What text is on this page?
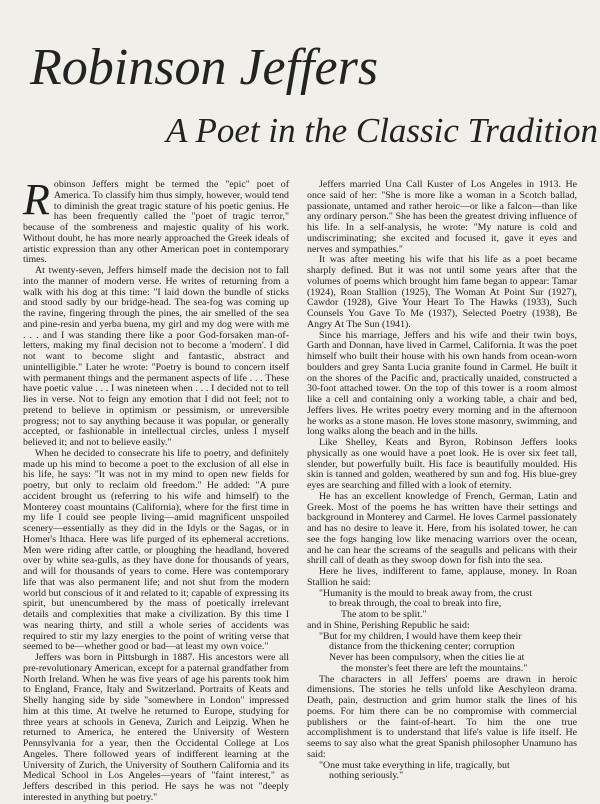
Robinson Jeffers
A Poet in the Classic Tradition

Robinson Jeffers might be termed the "epic" poet of America. To classify him thus simply, however, would tend to diminish the great tragic stature of his poetic genius. He has been frequently called the "poet of tragic terror," because of the sombreness and majestic quality of his work. Without doubt, he has more nearly approached the Greek ideals of artistic expression than any other American poet in contemporary times.

At twenty-seven, Jeffers himself made the decision not to fall into the manner of modern verse. He writes of returning from a walk with his dog at this time: "I laid down the bundle of sticks and stood sadly by our bridge-head. The sea-fog was coming up the ravine, fingering through the pines, the air smelled of the sea and pine-resin and yerba buena, my girl and my dog were with me . . . and I was standing there like a poor God-forsaken man-of-letters, making my final decision not to become a 'modern'. I did not want to become slight and fantastic, abstract and unintelligible." Later he wrote: "Poetry is bound to concern itself with permanent things and the permanent aspects of life . . . These have poetic value . . . I was nineteen when . . . I decided not to tell lies in verse. Not to feign any emotion that I did not feel; not to pretend to believe in optimism or pessimism, or unreversible progress; not to say anything because it was popular, or generally accepted, or fashionable in intellectual circles, unless I myself believed it; and not to believe easily."

When he decided to consecrate his life to poetry, and definitely made up his mind to become a poet to the exclusion of all else in his life, he says: "It was not in my mind to open new fields for poetry, but only to reclaim old freedom." He added: "A pure accident brought us (referring to his wife and himself) to the Monterey coast mountains (California), where for the first time in my life I could see people living—amid magnificent unspoiled scenery—essentially as they did in the Idyls or the Sagas, or in Homer's Ithaca. Here was life purged of its ephemeral accretions. Men were riding after cattle, or ploughing the headland, hovered over by white sea-gulls, as they have done for thousands of years, and will for thousands of years to come. Here was contemporary life that was also permanent life; and not shut from the modern world but conscious of it and related to it; capable of expressing its spirit, but unencumbered by the mass of poetically irrelevant details and complexities that make a civilization. By this time I was nearing thirty, and still a whole series of accidents was required to stir my lazy energies to the point of writing verse that seemed to be—whether good or bad—at least my own voice."

Jeffers was born in Pittsburgh in 1887. His ancestors were all pre-revolutionary American, except for a paternal grandfather from North Ireland. When he was five years of age his parents took him to England, France, Italy and Switzerland. Portraits of Keats and Shelly hanging side by side "somewhere in London" impressed him at this time. At twelve he returned to Europe, studying for three years at schools in Geneva, Zurich and Leipzig. When he returned to America, he entered the University of Western Pennsylvania for a year, then the Occidental College at Los Angeles. There followed years of indifferent learning at the University of Zurich, the University of Southern California and its Medical School in Los Angeles—years of "faint interest," as Jeffers described in this period. He says he was not "deeply interested in anything but poetry."

Jeffers married Una Call Kuster of Los Angeles in 1913. He once said of her: "She is more like a woman in a Scotch ballad, passionate, untamed and rather heroic—or like a falcon—than like any ordinary person." She has been the greatest driving influence of his life. In a self-analysis, he wrote: "My nature is cold and undiscriminating; she excited and focused it, gave it eyes and nerves and sympathies."

It was after meeting his wife that his life as a poet became sharply defined. But it was not until some years after that the volumes of poems which brought him fame began to appear: Tamar (1924), Roan Stallion (1925), The Woman At Point Sur (1927), Cawdor (1928), Give Your Heart To The Hawks (1933), Such Counsels You Gave To Me (1937), Selected Poetry (1938), Be Angry At The Sun (1941).

Since his marriage, Jeffers and his wife and their twin boys, Garth and Donnan, have lived in Carmel, California. It was the poet himself who built their house with his own hands from ocean-worn boulders and grey Santa Lucia granite found in Carmel. He built it on the shores of the Pacific and, practically unaided, constructed a 30-foot attached tower. On the top of this tower is a room almost like a cell and containing only a working table, a chair and bed, Jeffers lives. He writes poetry every morning and in the afternoon he works as a stone mason. He loves stone masonry, swimming, and long walks along the beach and in the hills.

Like Shelley, Keats and Byron, Robinson Jeffers looks physically as one would have a poet look. He is over six feet tall, slender, but powerfully built. His face is beautifully moulded. His skin is tanned and golden, weathered by sun and fog. His blue-grey eyes are searching and filled with a look of eternity.

He has an excellent knowledge of French, German, Latin and Greek. Most of the poems he has written have their settings and background in Monterey and Carmel. He loves Carmel passionately and has no desire to leave it. Here, from his isolated tower, he can see the fogs hanging low like menacing warriors over the ocean, and he can hear the screams of the seagulls and pelicans with their shrill call of death as they swoop down for fish into the sea.

Here he lives, indifferent to fame, applause, money. In Roan Stallion he said:

"Humanity is the mould to break away from, the crust

to break through, the coal to break into fire,

The atom to be split."

and in Shine, Perishing Republic he said:

"But for my children, I would have them keep their

distance from the thickening center; corruption

Never has been compulsory, when the cities lie at

the monster's feet there are left the mountains."

The characters in all Jeffers' poems are drawn in heroic dimensions. The stories he tells unfold like Aeschyleon drama. Death, pain, destruction and grim humor stalk the lines of his poems. For him there can be no compromise with commercial publishers or the faint-of-heart. To him the one true accomplishment is to understand that life's value is life itself. He seems to say also what the great Spanish philosopher Unamuno has said:

"One must take everything in life, tragically, but

nothing seriously."
